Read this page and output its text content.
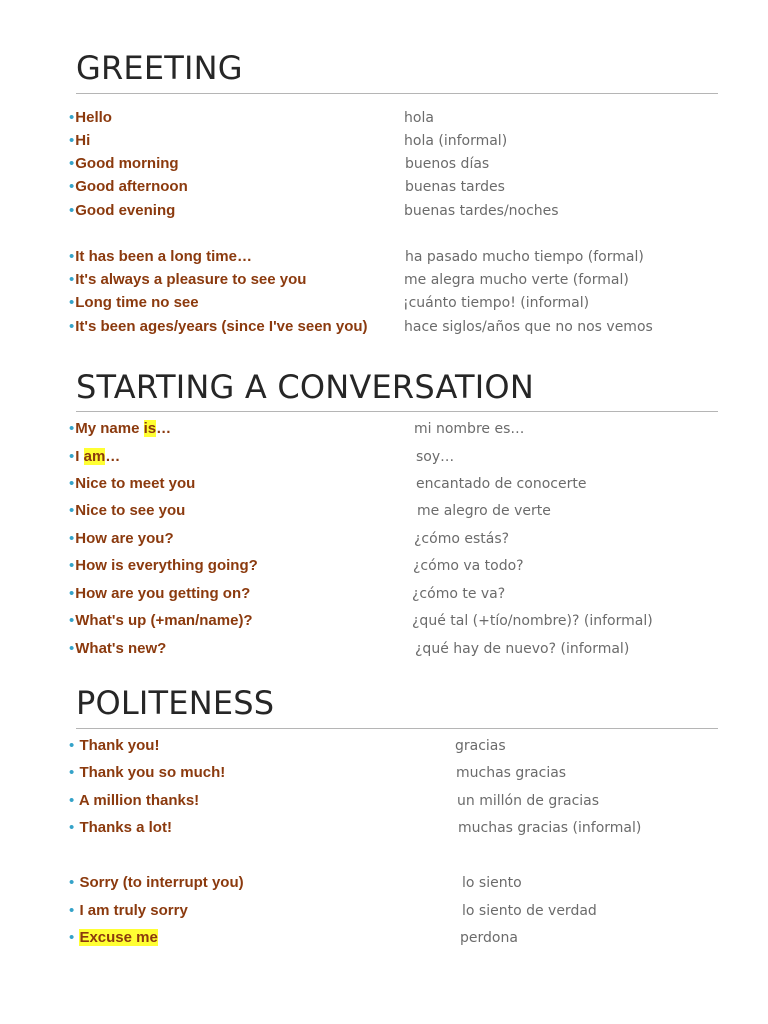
GREETING
•Hello	hola
•Hi	hola (informal)
•Good morning	buenos días
•Good afternoon	buenas tardes
•Good evening	buenas tardes/noches
•It has been a long time…	ha pasado mucho tiempo (formal)
•It's always a pleasure to see you	me alegra mucho verte (formal)
•Long time no see	¡cuánto tiempo! (informal)
•It's been ages/years (since I've seen you)	hace siglos/años que no nos vemos
STARTING A CONVERSATION
•My name is…	mi nombre es…
•I am…	soy…
•Nice to meet you	encantado de conocerte
•Nice to see you	me alegro de verte
•How are you?	¿cómo estás?
•How is everything going?	¿cómo va todo?
•How are you getting on?	¿cómo te va?
•What's up (+man/name)?	¿qué tal (+tío/nombre)? (informal)
•What's new?	¿qué hay de nuevo? (informal)
POLITENESS
• Thank you!	gracias
• Thank you so much!	muchas gracias
• A million thanks!	un millón de gracias
• Thanks a lot!	muchas gracias (informal)
• Sorry (to interrupt you)	lo siento
• I am truly sorry	lo siento de verdad
• Excuse me	perdona
